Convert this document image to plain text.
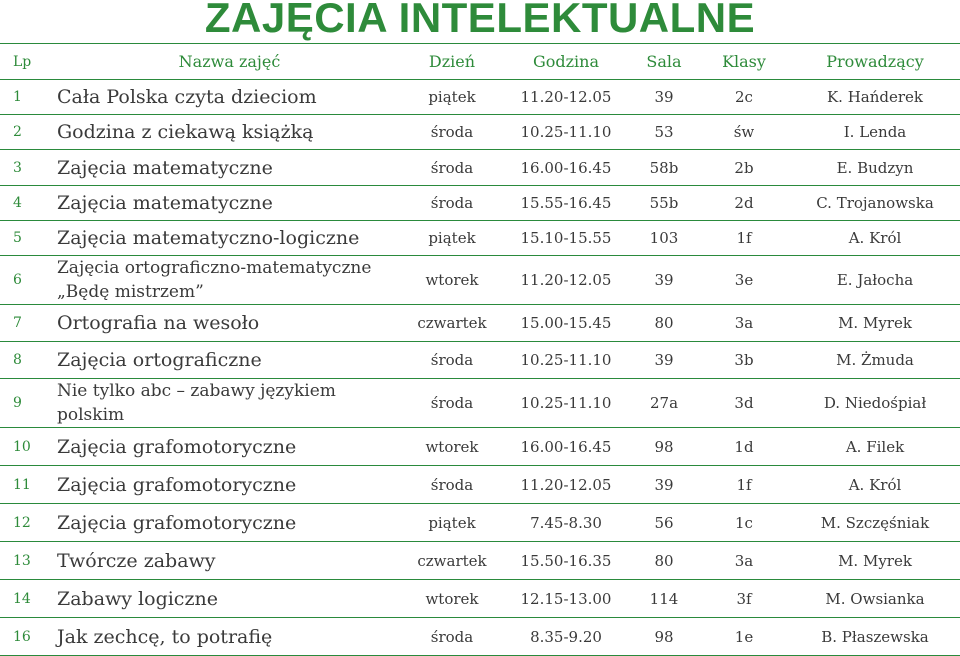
ZAJĘCIA INTELEKTUALNE
Lp	Nazwa zajęć	Dzień	Godzina	Sala	Klasy	Prowadzący
1	Cała Polska czyta dzieciom	piątek	11.20-12.05	39	2c	K. Hańderek
2	Godzina z ciekawą książką	środa	10.25-11.10	53	św	I. Lenda
3	Zajęcia matematyczne	środa	16.00-16.45	58b	2b	E. Budzyn
4	Zajęcia matematyczne	środa	15.55-16.45	55b	2d	C. Trojanowska
5	Zajęcia matematyczno-logiczne	piątek	15.10-15.55	103	1f	A. Król
6	Zajęcia ortograficzno-matematyczne
„Będę mistrzem”	wtorek	11.20-12.05	39	3e	E. Jałocha
7	Ortografia na wesoło	czwartek	15.00-15.45	80	3a	M. Myrek
8	Zajęcia ortograficzne	środa	10.25-11.10	39	3b	M. Żmuda
9	Nie tylko abc – zabawy językiem
polskim	środa	10.25-11.10	27a	3d	D. Niedośpiał
10	Zajęcia grafomotoryczne	wtorek	16.00-16.45	98	1d	A. Filek
11	Zajęcia grafomotoryczne	środa	11.20-12.05	39	1f	A. Król
12	Zajęcia grafomotoryczne	piątek	7.45-8.30	56	1c	M. Szczęśniak
13	Twórcze zabawy	czwartek	15.50-16.35	80	3a	M. Myrek
14	Zabawy logiczne	wtorek	12.15-13.00	114	3f	M. Owsianka
16	Jak zechcę, to potrafię	środa	8.35-9.20	98	1e	B. Płaszewska
